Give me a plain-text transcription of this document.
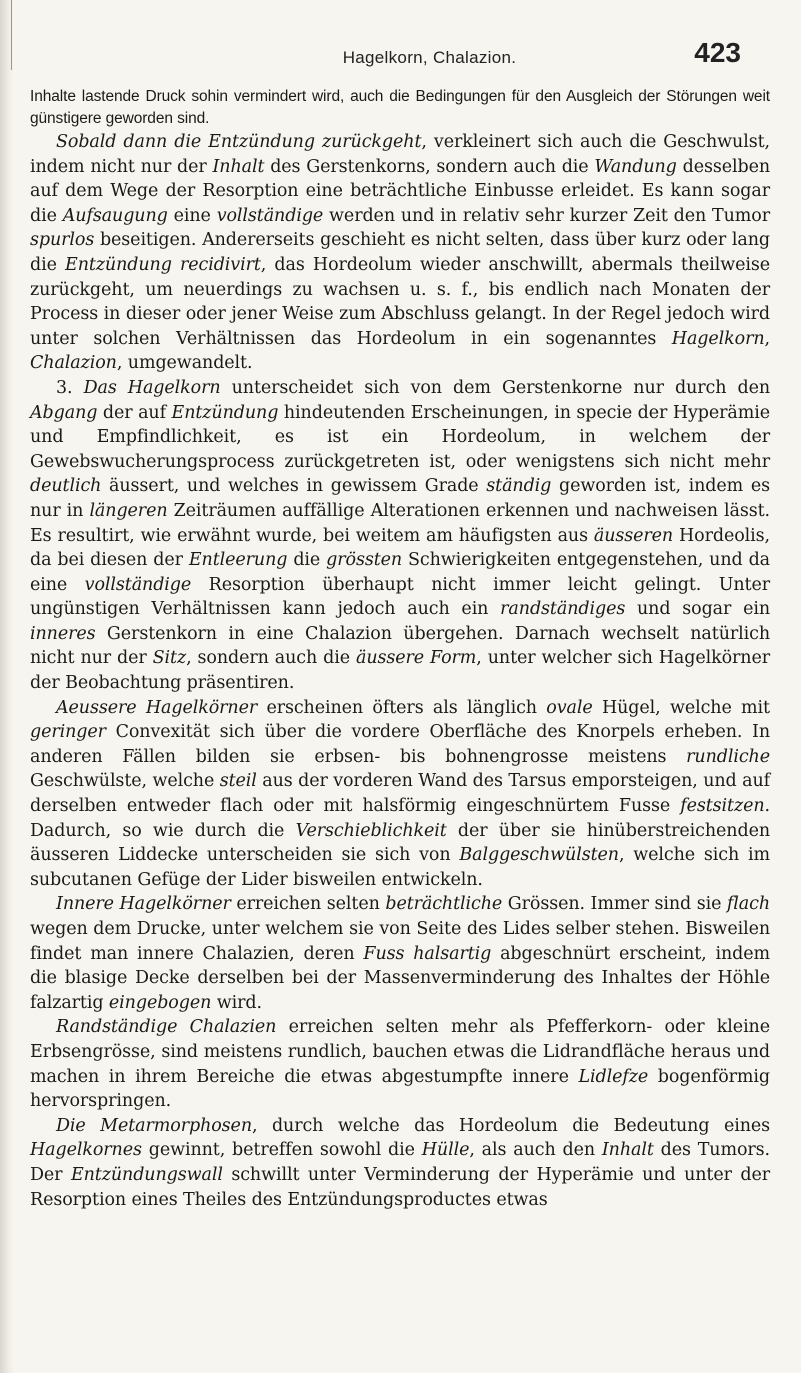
Hagelkorn, Chalazion.	423

Inhalte lastende Druck sohin vermindert wird, auch die Bedingungen für den Ausgleich der Störungen weit günstigere geworden sind.

Sobald dann die Entzündung zurückgeht, verkleinert sich auch die Geschwulst, indem nicht nur der Inhalt des Gerstenkorns, sondern auch die Wandung desselben auf dem Wege der Resorption eine beträchtliche Einbusse erleidet. Es kann sogar die Aufsaugung eine vollständige werden und in relativ sehr kurzer Zeit den Tumor spurlos beseitigen. Andererseits geschieht es nicht selten, dass über kurz oder lang die Entzündung recidivirt, das Hordeolum wieder anschwillt, abermals theilweise zurückgeht, um neuerdings zu wachsen u. s. f., bis endlich nach Monaten der Process in dieser oder jener Weise zum Abschluss gelangt. In der Regel jedoch wird unter solchen Verhältnissen das Hordeolum in ein sogenanntes Hagelkorn, Chalazion, umgewandelt.

3. Das Hagelkorn unterscheidet sich von dem Gerstenkorne nur durch den Abgang der auf Entzündung hindeutenden Erscheinungen, in specie der Hyperämie und Empfindlichkeit, es ist ein Hordeolum, in welchem der Gewebswucherungsprocess zurückgetreten ist, oder wenigstens sich nicht mehr deutlich äussert, und welches in gewissem Grade ständig geworden ist, indem es nur in längeren Zeiträumen auffällige Alterationen erkennen und nachweisen lässt. Es resultirt, wie erwähnt wurde, bei weitem am häufigsten aus äusseren Hordeolis, da bei diesen der Entleerung die grössten Schwierigkeiten entgegenstehen, und da eine vollständige Resorption überhaupt nicht immer leicht gelingt. Unter ungünstigen Verhältnissen kann jedoch auch ein randständiges und sogar ein inneres Gerstenkorn in eine Chalazion übergehen. Darnach wechselt natürlich nicht nur der Sitz, sondern auch die äussere Form, unter welcher sich Hagelkörner der Beobachtung präsentiren.

Aeussere Hagelkörner erscheinen öfters als länglich ovale Hügel, welche mit geringer Convexität sich über die vordere Oberfläche des Knorpels erheben. In anderen Fällen bilden sie erbsen- bis bohnengrosse meistens rundliche Geschwülste, welche steil aus der vorderen Wand des Tarsus emporsteigen, und auf derselben entweder flach oder mit halsförmig eingeschnürtem Fusse festsitzen. Dadurch, so wie durch die Verschieblichkeit der über sie hinüberstreichenden äusseren Liddecke unterscheiden sie sich von Balggeschwülsten, welche sich im subcutanen Gefüge der Lider bisweilen entwickeln.

Innere Hagelkörner erreichen selten beträchtliche Grössen. Immer sind sie flach wegen dem Drucke, unter welchem sie von Seite des Lides selber stehen. Bisweilen findet man innere Chalazien, deren Fuss halsartig abgeschnürt erscheint, indem die blasige Decke derselben bei der Massenverminderung des Inhaltes der Höhle falzartig eingebogen wird.

Randständige Chalazien erreichen selten mehr als Pfefferkorn- oder kleine Erbsengrösse, sind meistens rundlich, bauchen etwas die Lidrandfläche heraus und machen in ihrem Bereiche die etwas abgestumpfte innere Lidlefze bogenförmig hervorspringen.

Die Metarmorphosen, durch welche das Hordeolum die Bedeutung eines Hagelkornes gewinnt, betreffen sowohl die Hülle, als auch den Inhalt des Tumors. Der Entzündungswall schwillt unter Verminderung der Hyperämie und unter der Resorption eines Theiles des Entzündungsproductes etwas
